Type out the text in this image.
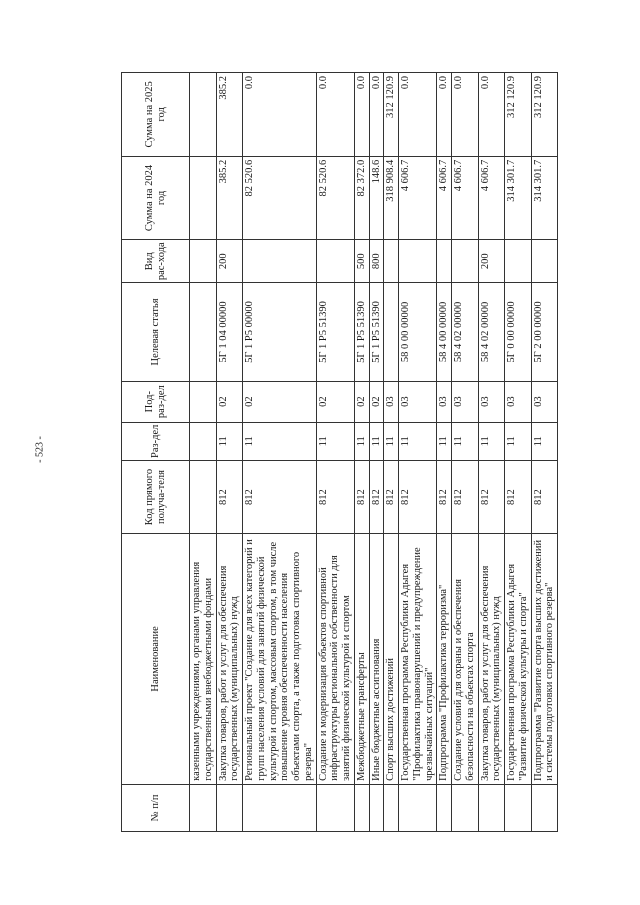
- 523 -
№ п/п	Наименование	Код прямого получа-теля	Раз-дел	Под-раз-дел	Целевая статья	Вид рас-хода	Сумма на 2024 год	Сумма на 2025 год
	казенными учреждениями, органами управления государственными внебюджетными фондами							
	Закупка товаров, работ и услуг для обеспечения государственных (муниципальных) нужд	812	11	02	5Г 1 04 00000	200	385.2	385.2
	Региональный проект "Создание для всех категорий и групп населения условий для занятий физической культурой и спортом, массовым спортом, в том числе повышение уровня обеспеченности населения объектами спорта, а также подготовка спортивного резерва"	812	11	02	5Г 1 Р5 00000		82 520.6	0.0
	Создание и модернизация объектов спортивной инфраструктуры региональной собственности для занятий физической культурой и спортом	812	11	02	5Г 1 Р5 51390		82 520.6	0.0
	Межбюджетные трансферты	812	11	02	5Г 1 Р5 51390	500	82 372.0	0.0
	Иные бюджетные ассигнования	812	11	02	5Г 1 Р5 51390	800	148.6	0.0
	Спорт высших достижений	812	11	03			318 908.4	312 120.9
	Государственная программа Республики Адыгея "Профилактика правонарушений и предупреждение чрезвычайных ситуаций"	812	11	03	58 0 00 00000		4 606.7	0.0
	Подпрограмма "Профилактика терроризма"	812	11	03	58 4 00 00000		4 606.7	0.0
	Создание условий для охраны и обеспечения безопасности на объектах спорта	812	11	03	58 4 02 00000		4 606.7	0.0
	Закупка товаров, работ и услуг для обеспечения государственных (муниципальных) нужд	812	11	03	58 4 02 00000	200	4 606.7	0.0
	Государственная программа Республики Адыгея "Развитие физической культуры и спорта"	812	11	03	5Г 0 00 00000		314 301.7	312 120.9
	Подпрограмма "Развитие спорта высших достижений и системы подготовки спортивного резерва"	812	11	03	5Г 2 00 00000		314 301.7	312 120.9
